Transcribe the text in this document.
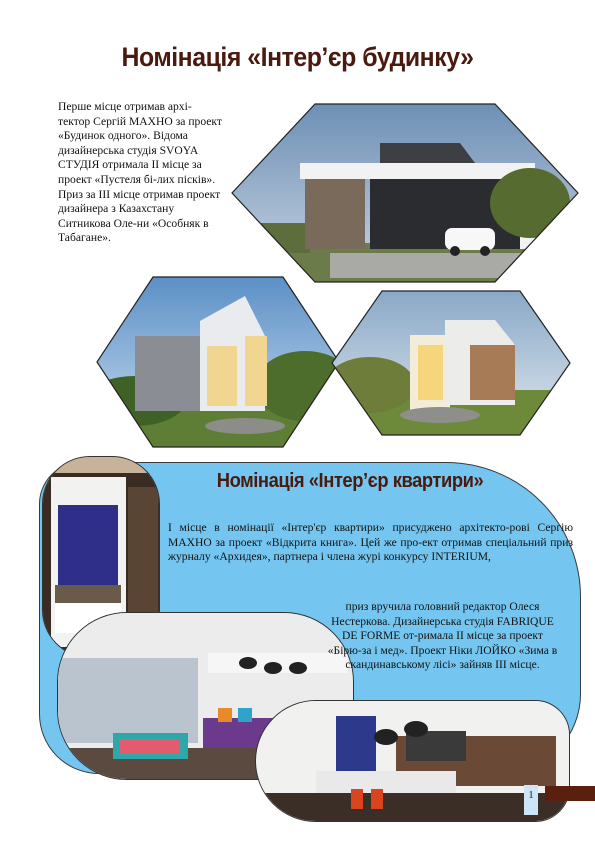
Номінація «Інтер’єр будинку»
Перше місце отримав архі-тектор Сергій МАХНО за проект «Будинок одного». Відома дизайнерська студія SVOYA СТУДІЯ отримала II місце за проект «Пустеля бі-лих пісків». Приз за III місце отримав проект дизайнера з Казахстану Ситникова Оле-ни «Особняк в Табагане».
Номінація «Інтер’єр квартири»
І місце в номінації «Інтер'єр квартири» присуджено архітекто-рові Сергію МАХНО за проект «Відкрита книга». Цей же про-ект отримав спеціальний приз журналу «Архидея», партнера і члена журі конкурсу INTERIUM,
приз вручила головний редактор Олеся Нестеркова. Дизайнерська студія FABRIQUE DE FORME от-римала II місце за проект «Бірю-за і мед». Проект Ніки ЛОЙКО «Зима в скандинавському лісі» зайняв III місце.
1
